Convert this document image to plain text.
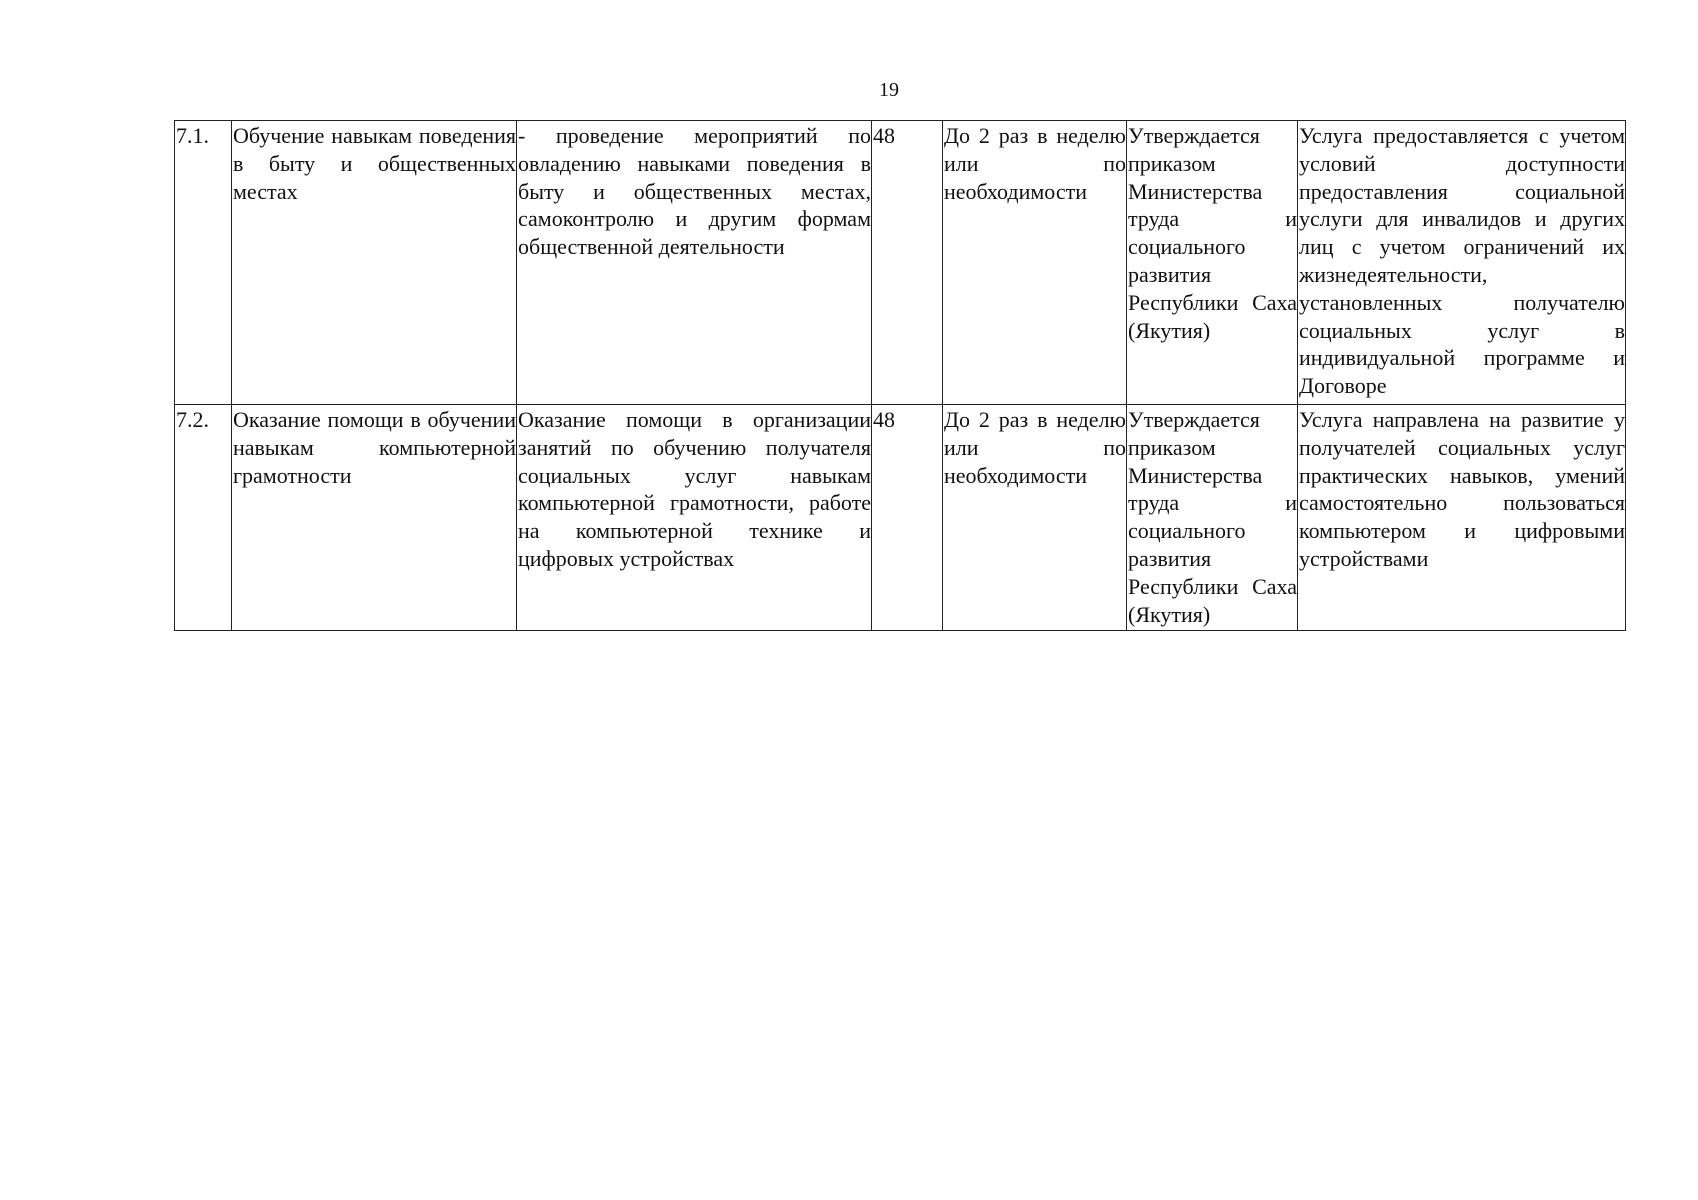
19
7.1.	Обучение навыкам поведения в быту и общественных местах	- проведение мероприятий по овладению навыками поведения в быту и общественных местах, самоконтролю и другим формам общественной деятельности	48	До 2 раз в неделю или по необходимости	Утверждается приказом Министерства труда и социального развития Республики Саха (Якутия)	Услуга предоставляется с учетом условий доступности предоставления социальной услуги для инвалидов и других лиц с учетом ограничений их жизнедеятельности, установленных получателю социальных услуг в индивидуальной программе и Договоре
7.2.	Оказание помощи в обучении навыкам компьютерной грамотности	Оказание помощи в организации занятий по обучению получателя социальных услуг навыкам компьютерной грамотности, работе на компьютерной технике и цифровых устройствах	48	До 2 раз в неделю или по необходимости	Утверждается приказом Министерства труда и социального развития Республики Саха (Якутия)	Услуга направлена на развитие у получателей социальных услуг практических навыков, умений самостоятельно пользоваться компьютером и цифровыми устройствами
